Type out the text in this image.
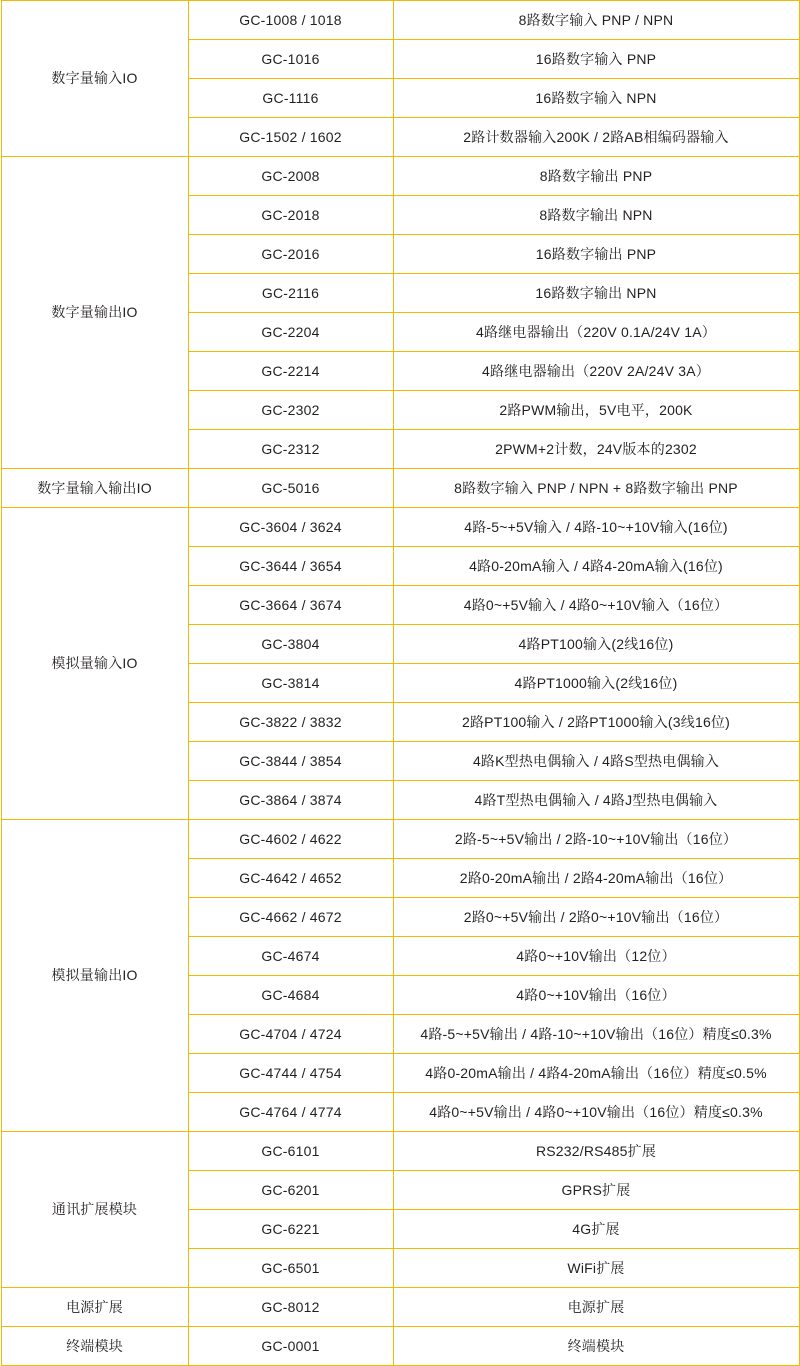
数字量输入IO	GC-1008 / 1018	8路数字输入 PNP / NPN
	GC-1016	16路数字输入 PNP
	GC-1116	16路数字输入 NPN
	GC-1502 / 1602	2路计数器输入200K / 2路AB相编码器输入
数字量输出IO	GC-2008	8路数字输出 PNP
	GC-2018	8路数字输出 NPN
	GC-2016	16路数字输出 PNP
	GC-2116	16路数字输出 NPN
	GC-2204	4路继电器输出（220V 0.1A/24V 1A）
	GC-2214	4路继电器输出（220V 2A/24V 3A）
	GC-2302	2路PWM输出，5V电平，200K
	GC-2312	2PWM+2计数，24V版本的2302
数字量输入输出IO	GC-5016	8路数字输入 PNP / NPN + 8路数字输出 PNP
模拟量输入IO	GC-3604 / 3624	4路-5~+5V输入 / 4路-10~+10V输入(16位)
	GC-3644 / 3654	4路0-20mA输入 / 4路4-20mA输入(16位)
	GC-3664 / 3674	4路0~+5V输入 / 4路0~+10V输入（16位）
	GC-3804	4路PT100输入(2线16位)
	GC-3814	4路PT1000输入(2线16位)
	GC-3822 / 3832	2路PT100输入 / 2路PT1000输入(3线16位)
	GC-3844 / 3854	4路K型热电偶输入 / 4路S型热电偶输入
	GC-3864 / 3874	4路T型热电偶输入 / 4路J型热电偶输入
模拟量输出IO	GC-4602 / 4622	2路-5~+5V输出 / 2路-10~+10V输出（16位）
	GC-4642 / 4652	2路0-20mA输出 / 2路4-20mA输出（16位）
	GC-4662 / 4672	2路0~+5V输出 / 2路0~+10V输出（16位）
	GC-4674	4路0~+10V输出（12位）
	GC-4684	4路0~+10V输出（16位）
	GC-4704 / 4724	4路-5~+5V输出 / 4路-10~+10V输出（16位）精度≤0.3%
	GC-4744 / 4754	4路0-20mA输出 / 4路4-20mA输出（16位）精度≤0.5%
	GC-4764 / 4774	4路0~+5V输出 / 4路0~+10V输出（16位）精度≤0.3%
通讯扩展模块	GC-6101	RS232/RS485扩展
	GC-6201	GPRS扩展
	GC-6221	4G扩展
	GC-6501	WiFi扩展
电源扩展	GC-8012	电源扩展
终端模块	GC-0001	终端模块
